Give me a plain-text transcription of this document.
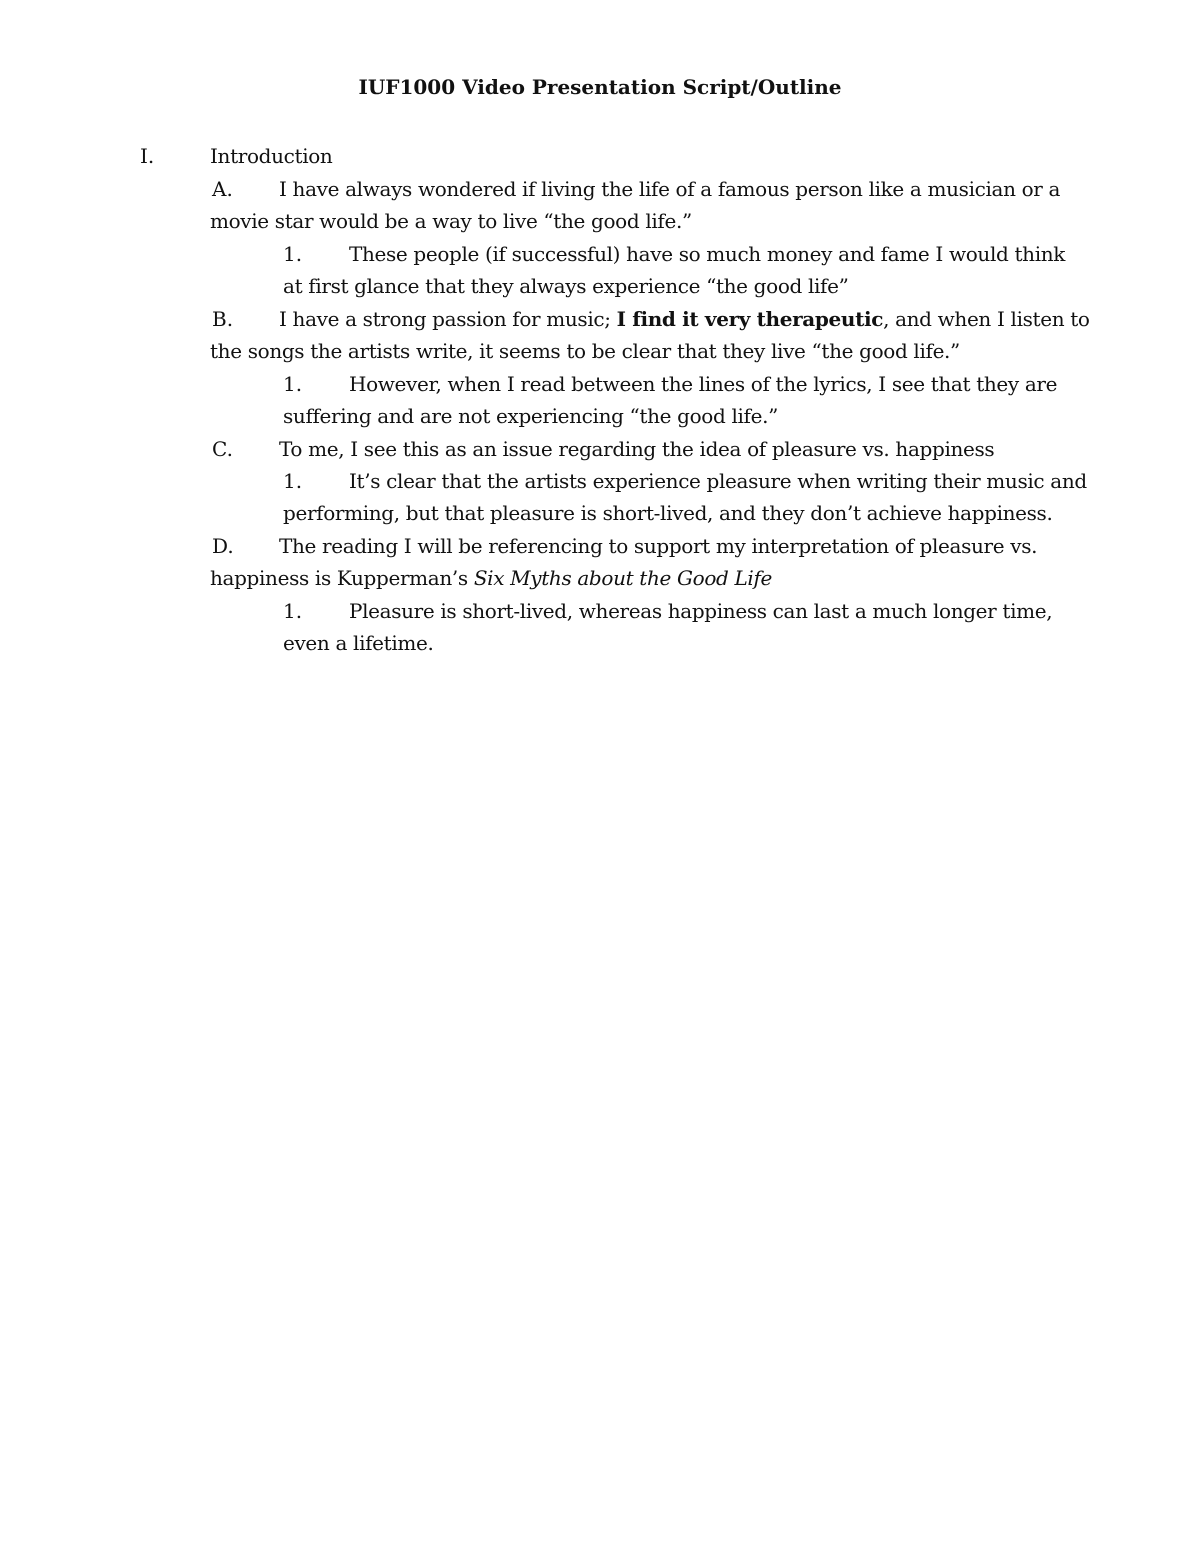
IUF1000 Video Presentation Script/Outline
I.	Introduction
A. I have always wondered if living the life of a famous person like a musician or a
movie star would be a way to live “the good life.”
1. These people (if successful) have so much money and fame I would think
at first glance that they always experience “the good life”
B. I have a strong passion for music; I find it very therapeutic, and when I listen to
the songs the artists write, it seems to be clear that they live “the good life.”
1. However, when I read between the lines of the lyrics, I see that they are
suffering and are not experiencing “the good life.”
C. To me, I see this as an issue regarding the idea of pleasure vs. happiness
1. It’s clear that the artists experience pleasure when writing their music and
performing, but that pleasure is short-lived, and they don’t achieve happiness.
D. The reading I will be referencing to support my interpretation of pleasure vs.
happiness is Kupperman’s Six Myths about the Good Life
1. Pleasure is short-lived, whereas happiness can last a much longer time,
even a lifetime.
